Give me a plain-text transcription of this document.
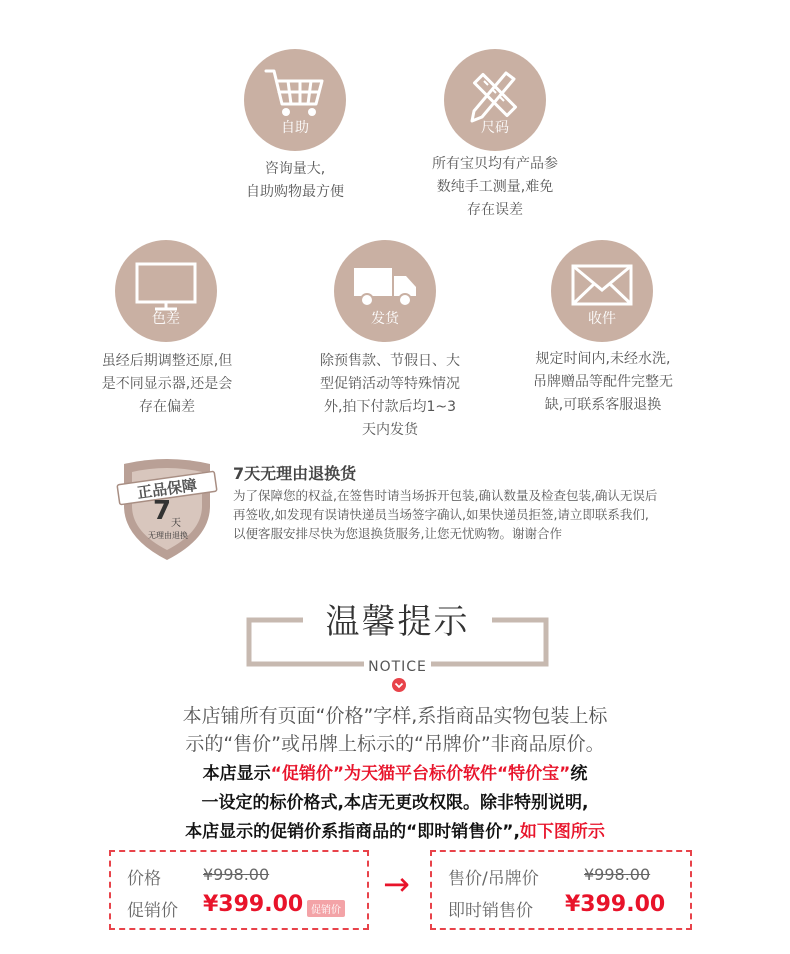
自助
咨询量大,
自助购物最方便
尺码
所有宝贝均有产品参
数纯手工测量,难免
存在误差
色差
虽经后期调整还原,但
是不同显示器,还是会
存在偏差
发货
除预售款、节假日、大
型促销活动等特殊情况
外,拍下付款后均1~3
天内发货
收件
规定时间内,未经水洗,
吊牌赠品等配件完整无
缺,可联系客服退换
正品保障
7 天
无理由退换
7天无理由退换货
为了保障您的权益,在签售时请当场拆开包装,确认数量及检查包装,确认无误后
再签收,如发现有误请快递员当场签字确认,如果快递员拒签,请立即联系我们,
以便客服安排尽快为您退换货服务,让您无忧购物。谢谢合作
温馨提示
NOTICE
本店铺所有页面“价格”字样,系指商品实物包装上标
示的“售价”或吊牌上标示的“吊牌价”非商品原价。
本店显示“促销价”为天猫平台标价软件“特价宝”统
一设定的标价格式,本店无更改权限。除非特别说明,
本店显示的促销价系指商品的“即时销售价”,如下图所示
价格	¥998.00
促销价 ¥399.00 促销价
→ 售价/吊牌价	¥998.00
即时销售价 ¥399.00
